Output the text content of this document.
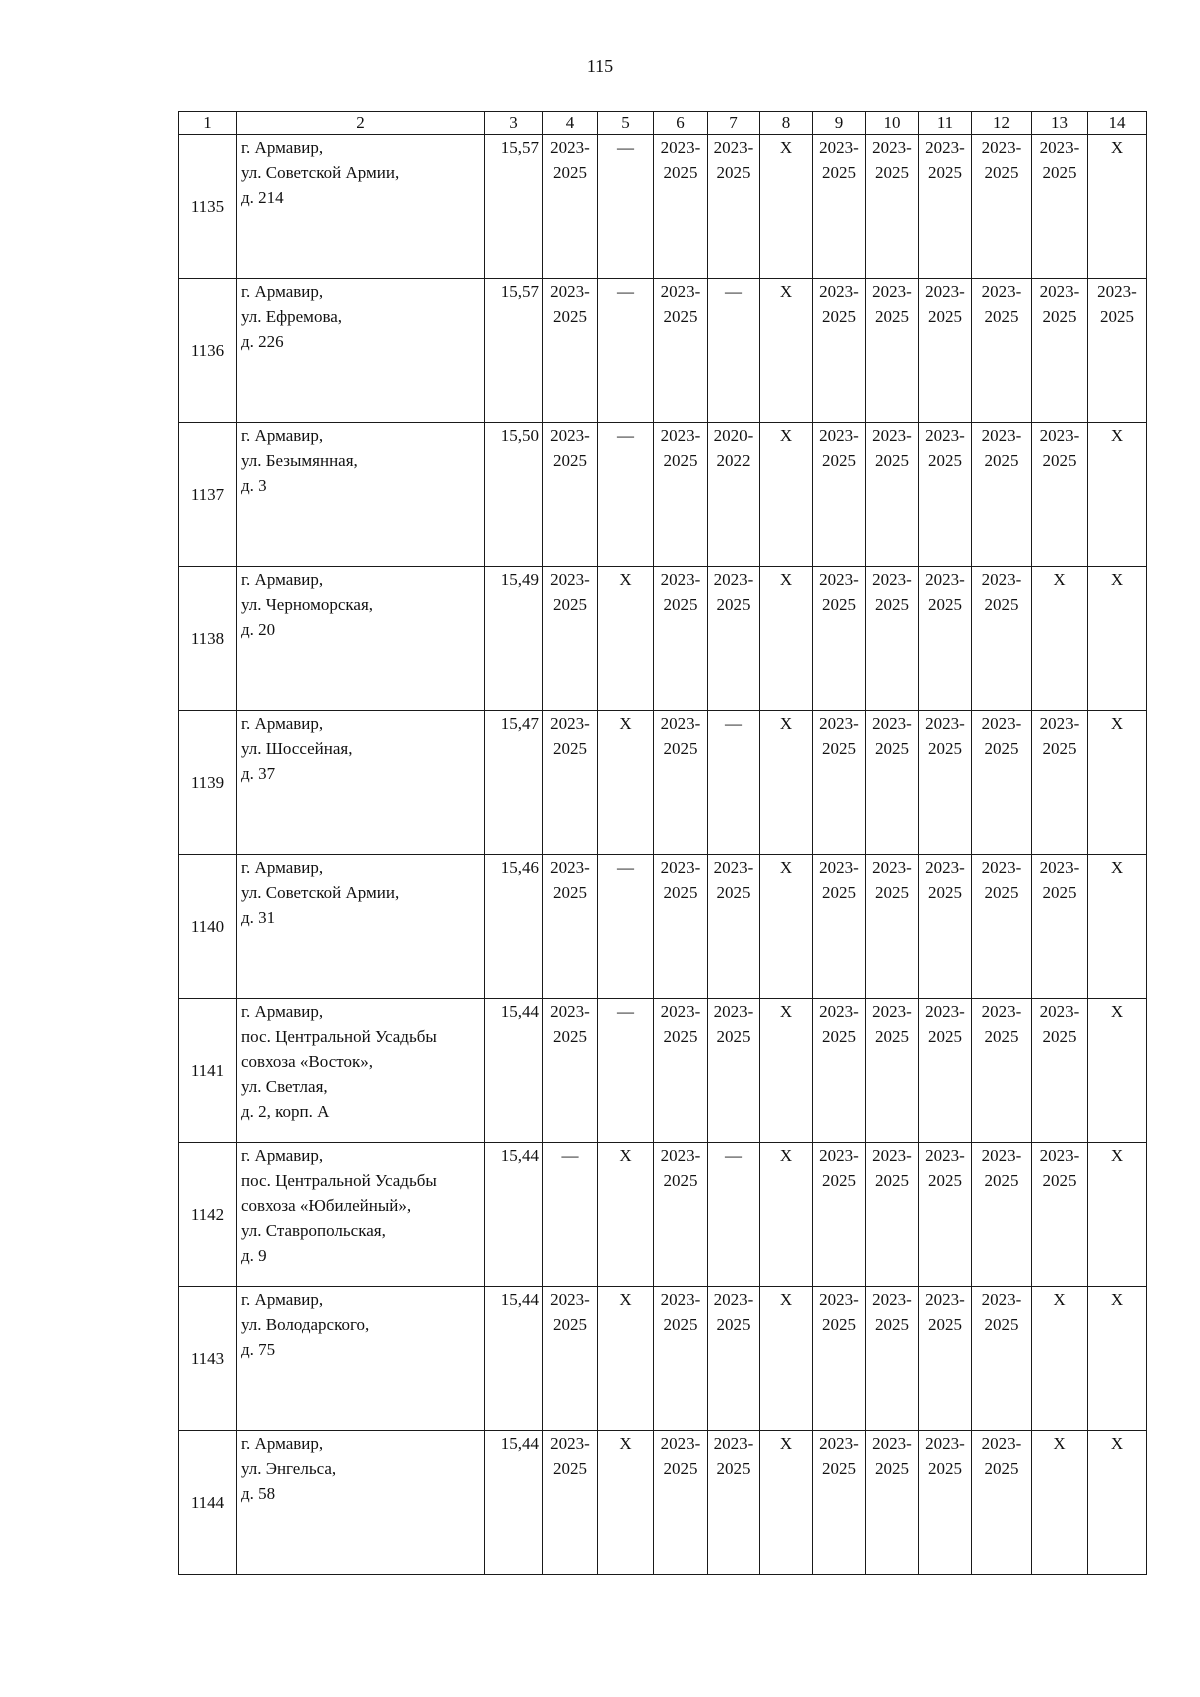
115
1	2	3	4	5	6	7	8	9	10	11	12	13	14
1135	г. Армавир,
ул. Советской Армии,
д. 214	15,57	2023-
2025	—	2023-
2025	2023-
2025	X	2023-
2025	2023-
2025	2023-
2025	2023-
2025	2023-
2025	X

1136	г. Армавир,
ул. Ефремова,
д. 226	15,57	2023-
2025	—	2023-
2025	—	X	2023-
2025	2023-
2025	2023-
2025	2023-
2025	2023-
2025	2023-
2025

1137	г. Армавир,
ул. Безымянная,
д. 3	15,50	2023-
2025	—	2023-
2025	2020-
2022	X	2023-
2025	2023-
2025	2023-
2025	2023-
2025	2023-
2025	X

1138	г. Армавир,
ул. Черноморская,
д. 20	15,49	2023-
2025	X	2023-
2025	2023-
2025	X	2023-
2025	2023-
2025	2023-
2025	2023-
2025	X	X

1139	г. Армавир,
ул. Шоссейная,
д. 37	15,47	2023-
2025	X	2023-
2025	—	X	2023-
2025	2023-
2025	2023-
2025	2023-
2025	2023-
2025	X

1140	г. Армавир,
ул. Советской Армии,
д. 31	15,46	2023-
2025	—	2023-
2025	2023-
2025	X	2023-
2025	2023-
2025	2023-
2025	2023-
2025	2023-
2025	X

1141	г. Армавир,
пос. Центральной Усадьбы
совхоза «Восток»,
ул. Светлая,
д. 2, корп. А	15,44	2023-
2025	—	2023-
2025	2023-
2025	X	2023-
2025	2023-
2025	2023-
2025	2023-
2025	2023-
2025	X

1142	г. Армавир,
пос. Центральной Усадьбы
совхоза «Юбилейный»,
ул. Ставропольская,
д. 9	15,44	—	X	2023-
2025	—	X	2023-
2025	2023-
2025	2023-
2025	2023-
2025	2023-
2025	X

1143	г. Армавир,
ул. Володарского,
д. 75	15,44	2023-
2025	X	2023-
2025	2023-
2025	X	2023-
2025	2023-
2025	2023-
2025	2023-
2025	X	X

1144	г. Армавир,
ул. Энгельса,
д. 58	15,44	2023-
2025	X	2023-
2025	2023-
2025	X	2023-
2025	2023-
2025	2023-
2025	2023-
2025	X	X
